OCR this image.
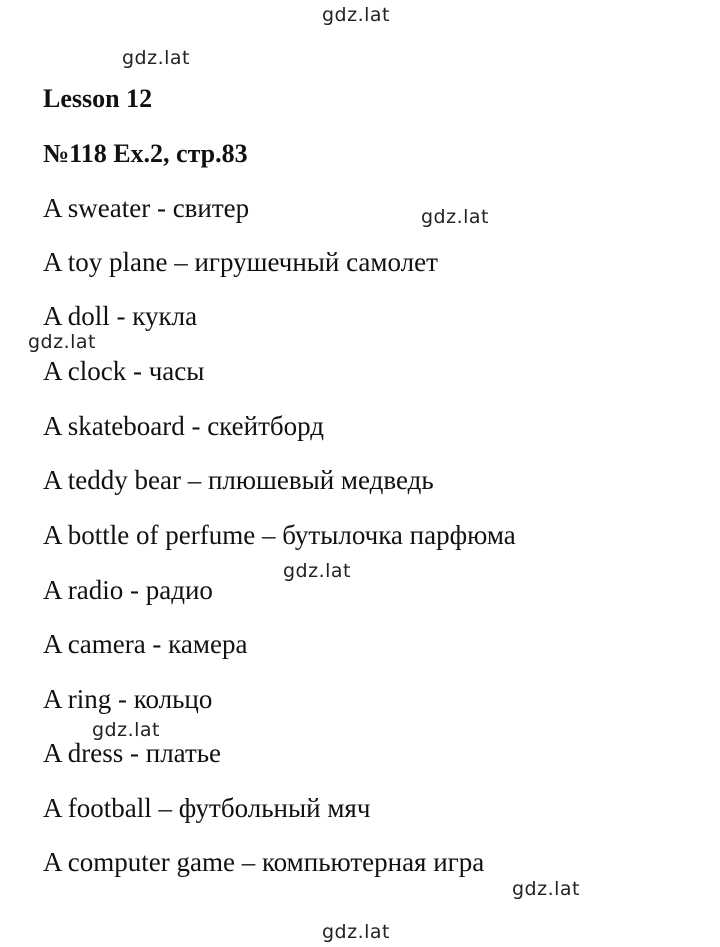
gdz.lat
gdz.lat
gdz.lat
gdz.lat
gdz.lat
gdz.lat
gdz.lat
gdz.lat
Lesson 12
№118 Ex.2, стр.83
A sweater - свитер
A toy plane – игрушечный самолет
A doll - кукла
A clock - часы
A skateboard - скейтборд
A teddy bear – плюшевый медведь
A bottle of perfume – бутылочка парфюма
A radio - радио
A camera - камера
A ring - кольцо
A dress - платье
A football – футбольный мяч
A computer game – компьютерная игра
